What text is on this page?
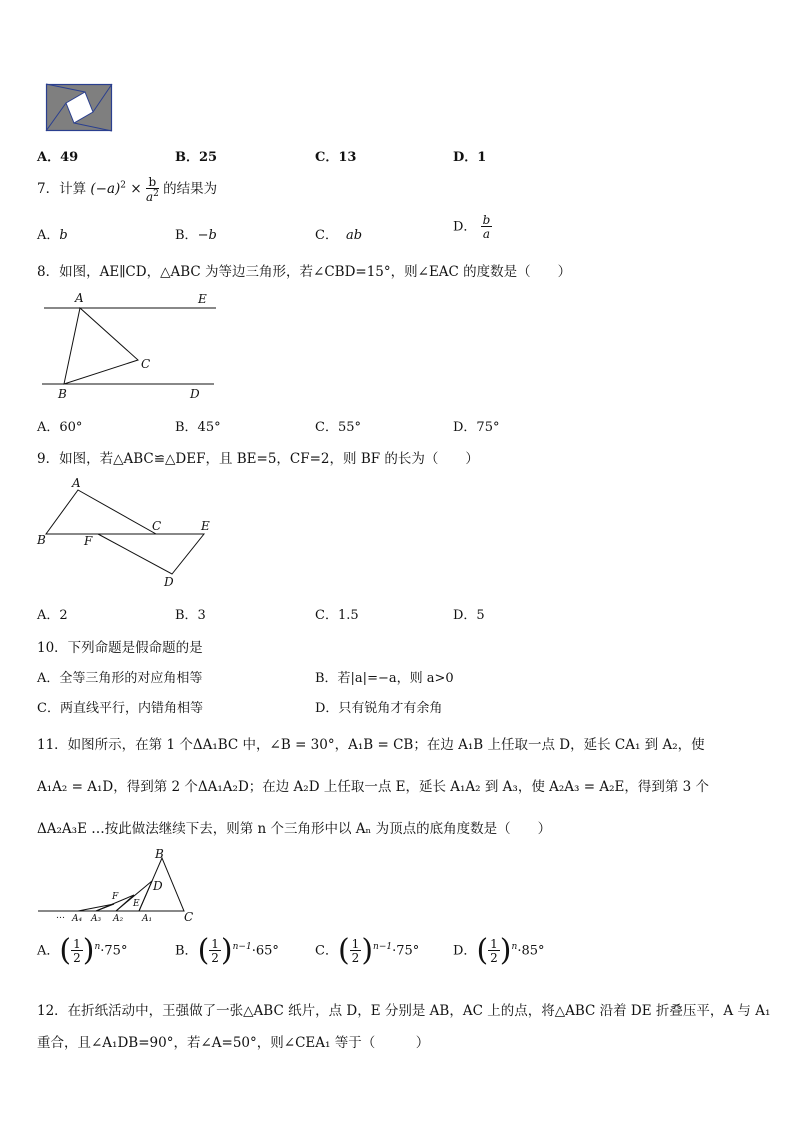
A．49	B．25	C．13	D．1
7．计算 $(-a)^2 \times \frac{b}{a^2}$ 的结果为
A．b	B．−b	C． ab
D． $\frac{b}{a}$
8．如图，AE∥CD，△ABC 为等边三角形，若∠CBD=15°，则∠EAC 的度数是（　　）
A	E
C
B	D
A．60°	B．45°	C．55°	D．75°
9．如图，若△ABC≌△DEF，且 BE=5，CF=2，则 BF 的长为（　　）
A
C	E
B	F
D
A．2	B．3	C．1.5	D．5
10．下列命题是假命题的是
A．全等三角形的对应角相等	B．若|a|=−a，则 a>0
C．两直线平行，内错角相等	D．只有锐角才有余角
11．如图所示，在第 1 个ΔA₁BC 中，∠B = 30°，A₁B = CB；在边 A₁B 上任取一点 D，延长 CA₁ 到 A₂，使
A₁A₂ = A₁D，得到第 2 个ΔA₁A₂D；在边 A₂D 上任取一点 E，延长 A₁A₂ 到 A₃，使 A₂A₃ = A₂E，得到第 3 个
ΔA₂A₃E …按此做法继续下去，则第 n 个三角形中以 Aₙ 为顶点的底角度数是（　　）
B
F
D
E
… A₄ A₃ A₂ A₁	C
A．( $\frac{1}{2} )^n\cdot 75^\circ$	B．( $\frac{1}{2} )^{n-1}\cdot 65^\circ$	C．( $\frac{1}{2} )^{n-1}\cdot 75^\circ$	D．( $\frac{1}{2} )^n\cdot 85^\circ$
12．在折纸活动中，王强做了一张△ABC 纸片，点 D，E 分别是 AB，AC 上的点，将△ABC 沿着 DE 折叠压平，A 与 A₁
重合，且∠A₁DB=90°，若∠A=50°，则∠CEA₁ 等于（　　　）
